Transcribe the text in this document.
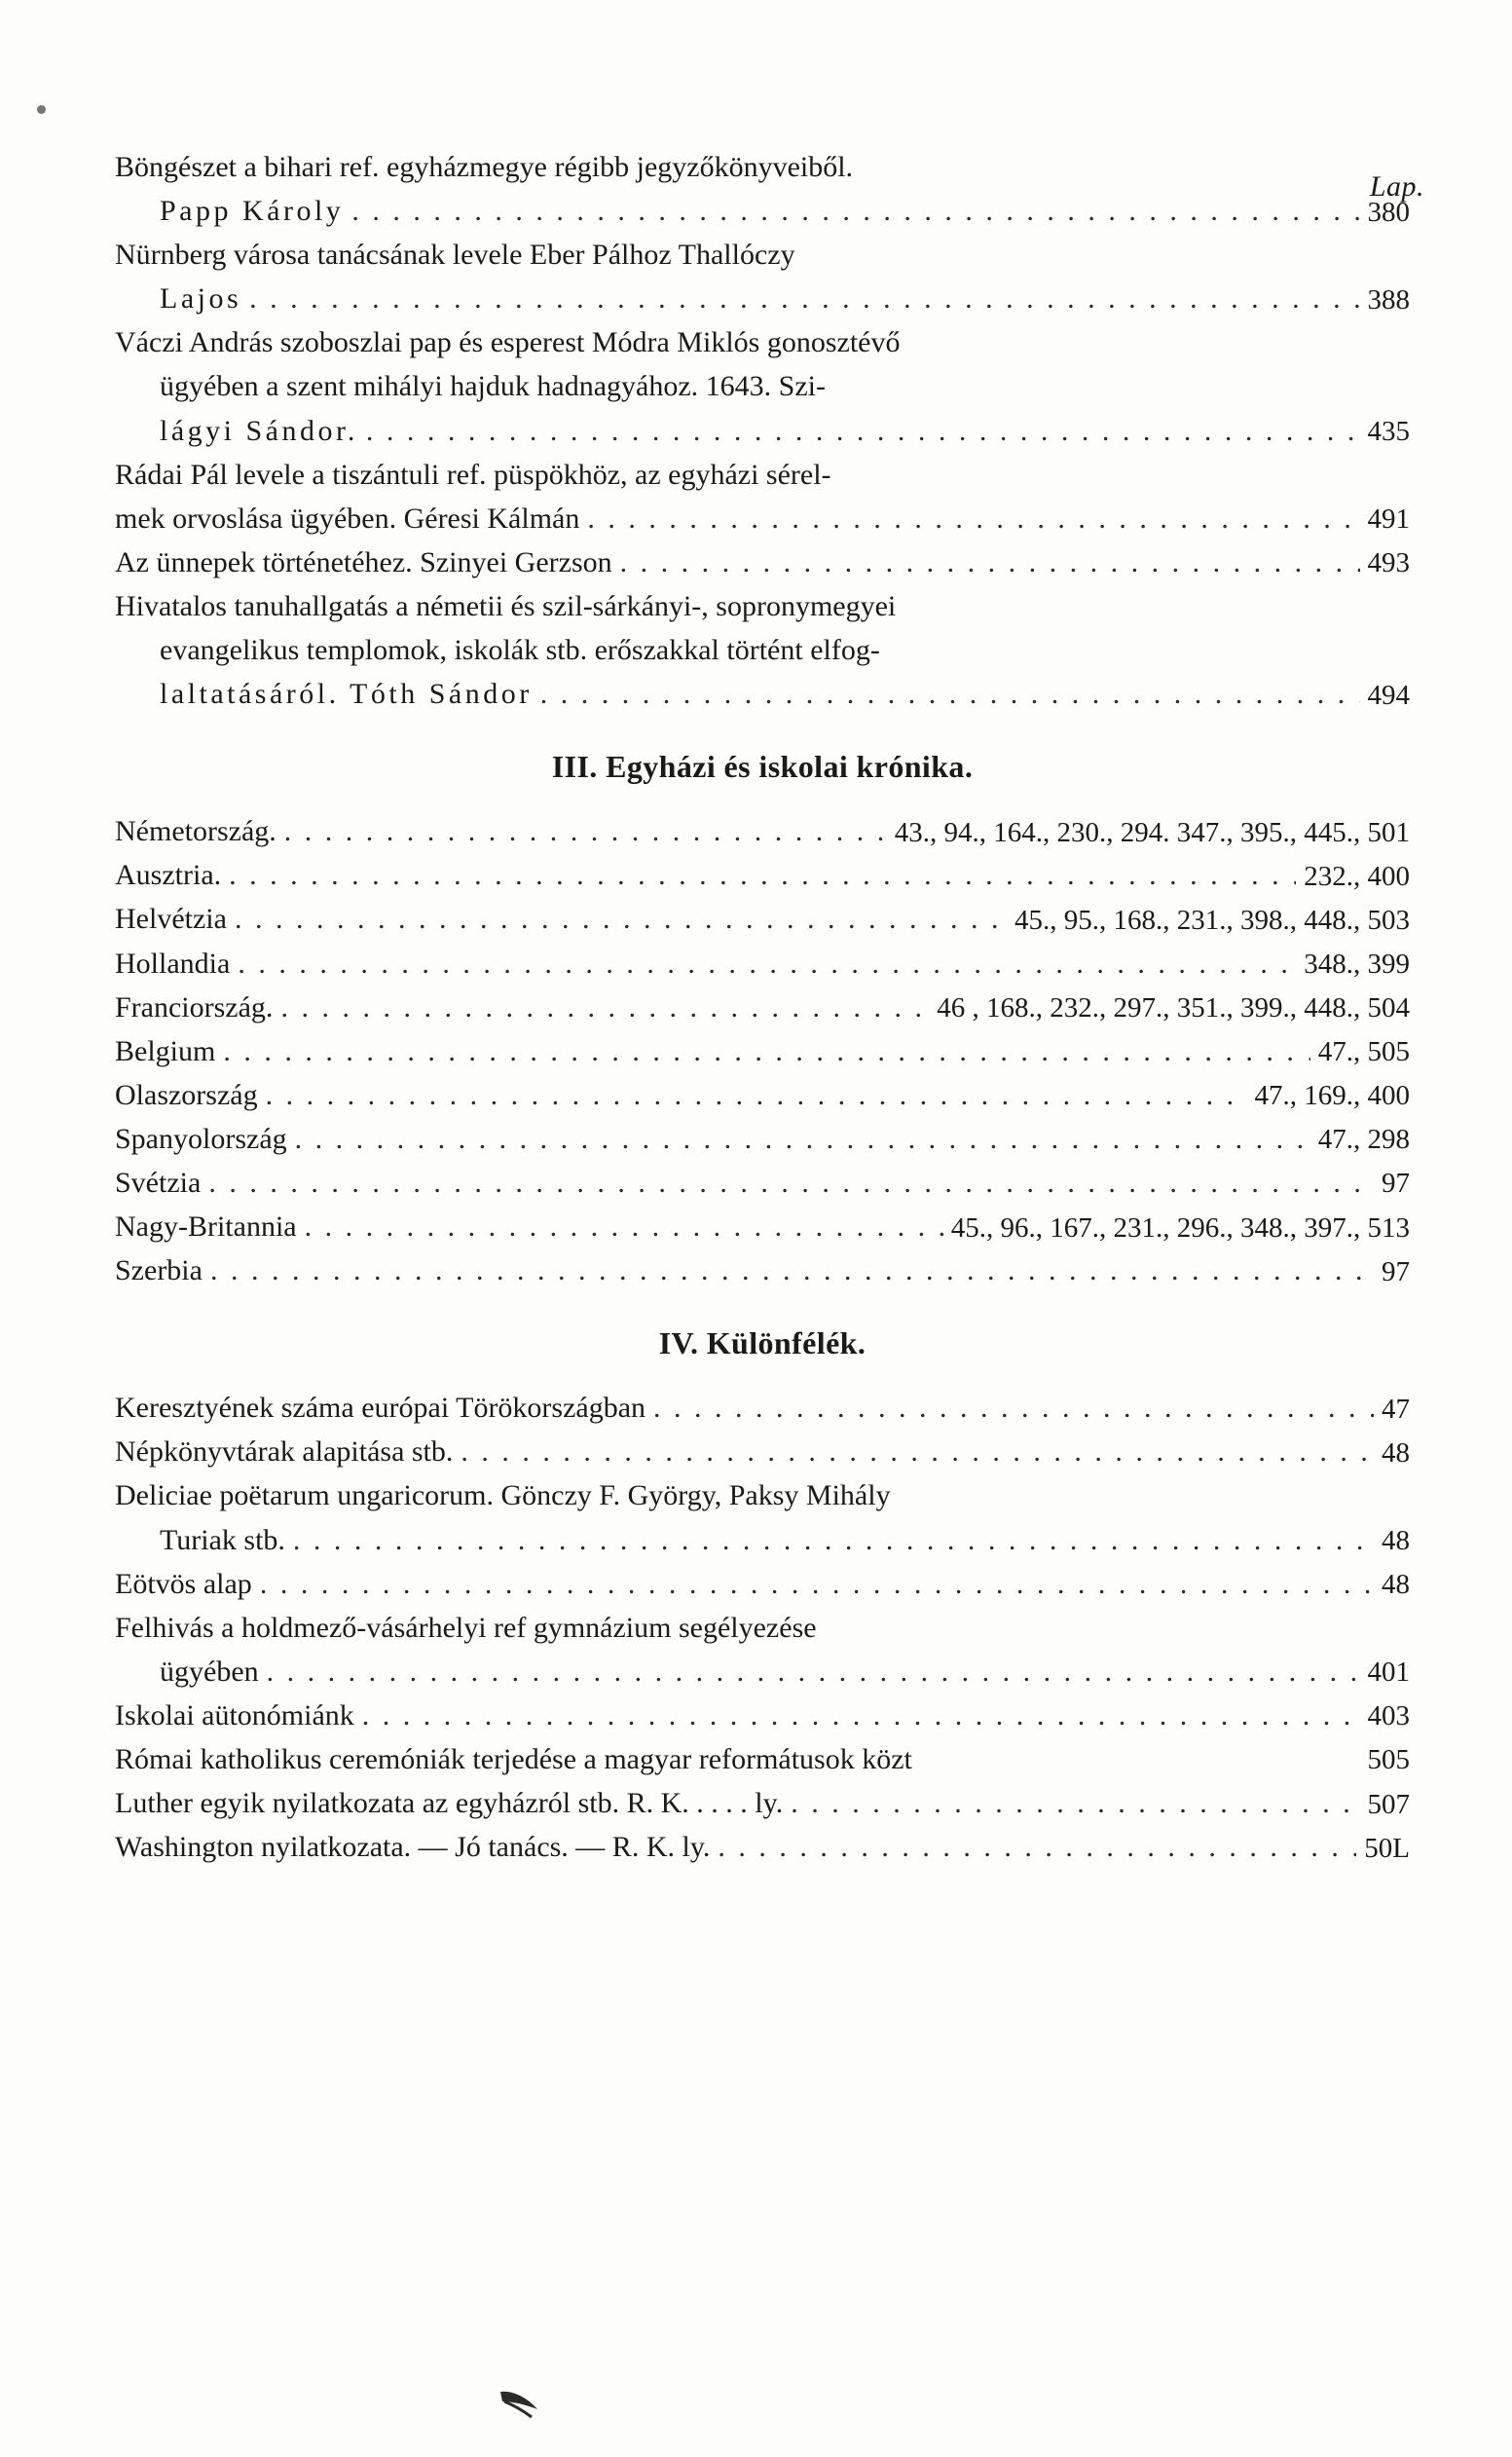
Lap.
Böngészet a bihari ref. egyházmegye régibb jegyzőkönyveiből.
Papp Károly . . .	380
Nürnberg városa tanácsának levele Eber Pálhoz Thallóczy
Lajos . . .	388
Váczi András szoboszlai pap és esperest Módra Miklós gonosztévő
ügyében a szent mihályi hajduk hadnagyához. 1643. Szi-
lágyi Sándor. . . .	435
Rádai Pál levele a tiszántuli ref. püspökhöz, az egyházi sérel-
mek orvoslása ügyében. Géresi Kálmán . . .	491
Az ünnepek történetéhez. Szinyei Gerzson . . .	493
Hivatalos tanuhallgatás a németii és szil-sárkányi-, sopronymegyei
evangelikus templomok, iskolák stb. erőszakkal történt elfog-
laltatásáról. Tóth Sándor . . .	494
III. Egyházi és iskolai krónika.
Németország. . . .	43., 94., 164., 230., 294. 347., 395., 445., 501
Ausztria. . . .	232., 400
Helvétzia . . .	45., 95., 168., 231., 398., 448., 503
Hollandia . . .	348., 399
Franciország. . . .	46 , 168., 232., 297., 351., 399., 448., 504
Belgium . . .	47., 505
Olaszország . . .	47., 169., 400
Spanyolország . . .	47., 298
Svétzia . . .	97
Nagy-Britannia . . .	45., 96., 167., 231., 296., 348., 397., 513
Szerbia . . .	97
IV. Különfélék.
Keresztyének száma európai Törökországban . . .	47
Népkönyvtárak alapitása stb. . . .	48
Deliciae poëtarum ungaricorum. Gönczy F. György, Paksy Mihály
Turiak stb. . . .	48
Eötvös alap . . .	48
Felhivás a holdmező-vásárhelyi ref gymnázium segélyezése
ügyében . . .	401
Iskolai aütonómiánk . . .	403
Római katholikus ceremóniák terjedése a magyar reformátusok közt	505
Luther egyik nyilatkozata az egyházról stb. R. K. . . . . ly. . . .	507
Washington nyilatkozata. — Jó tanács. — R. K. ly. . . .	50L
